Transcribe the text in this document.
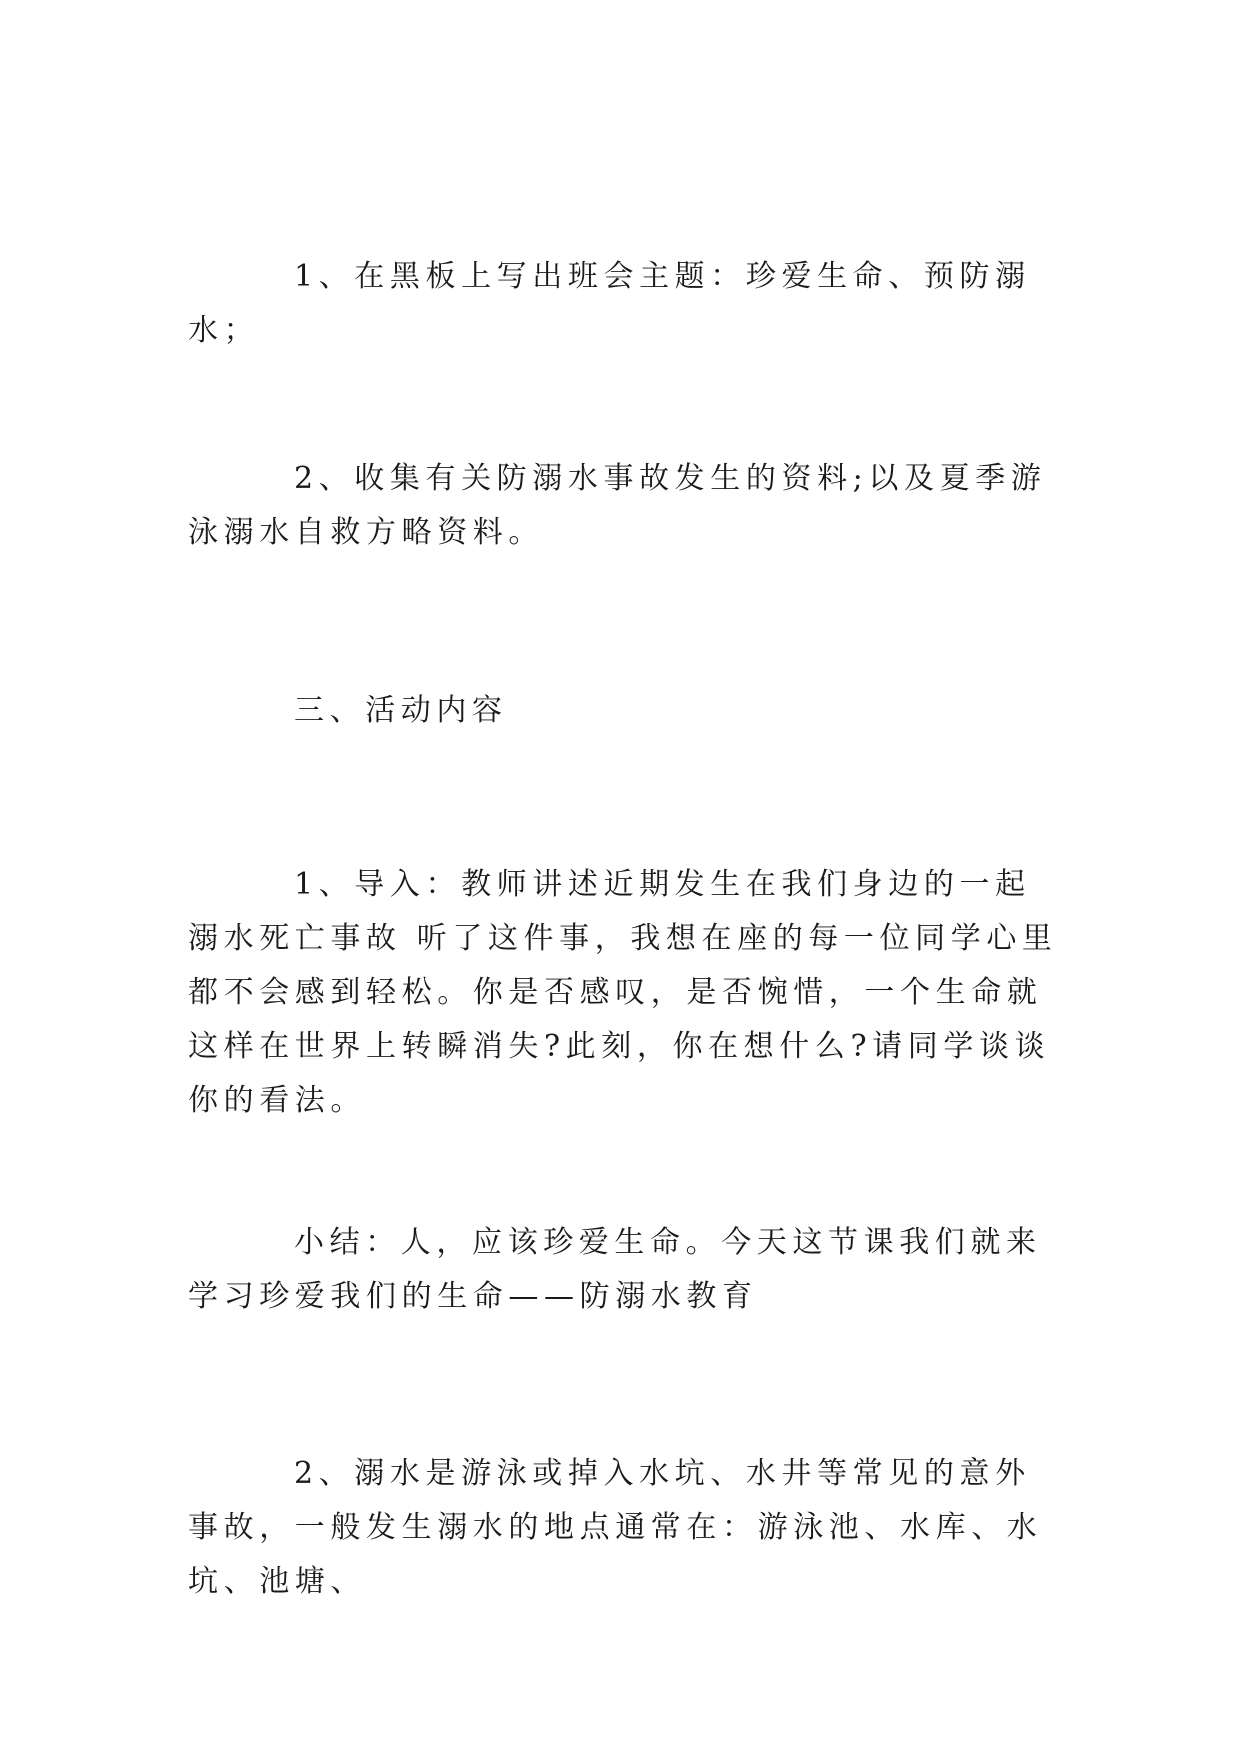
1、在黑板上写出班会主题：珍爱生命、预防溺水；

2、收集有关防溺水事故发生的资料;以及夏季游泳溺水自救方略资料。

三、活动内容

1、导入：教师讲述近期发生在我们身边的一起溺水死亡事故 听了这件事，我想在座的每一位同学心里都不会感到轻松。你是否感叹，是否惋惜，一个生命就这样在世界上转瞬消失?此刻，你在想什么?请同学谈谈你的看法。

小结：人，应该珍爱生命。今天这节课我们就来学习珍爱我们的生命——防溺水教育

2、溺水是游泳或掉入水坑、水井等常见的意外事故，一般发生溺水的地点通常在：游泳池、水库、水坑、池塘、
